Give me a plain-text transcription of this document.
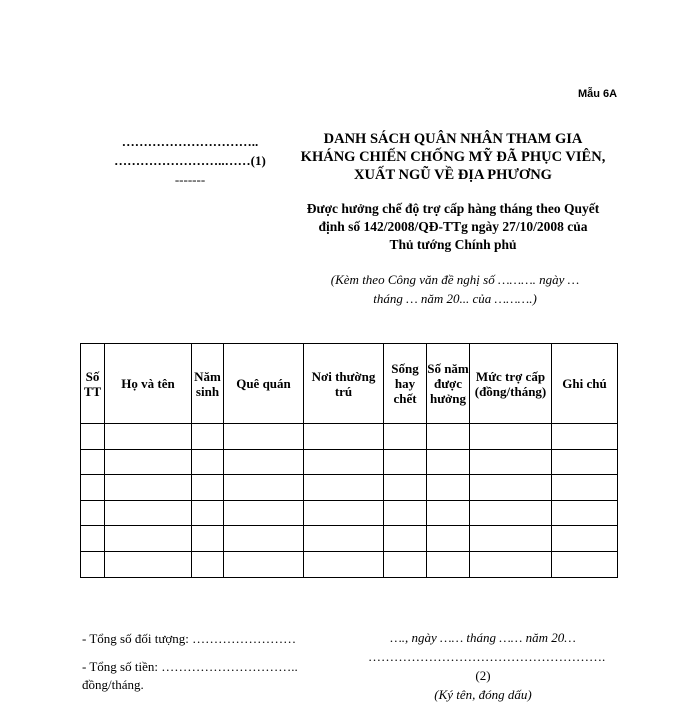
Mẫu 6A
…………………………..
……………………..……(1)
-------
DANH SÁCH QUÂN NHÂN THAM GIA
KHÁNG CHIẾN CHỐNG MỸ ĐÃ PHỤC VIÊN,
XUẤT NGŨ VỀ ĐỊA PHƯƠNG
Được hưởng chế độ trợ cấp hàng tháng theo Quyết
định số 142/2008/QĐ-TTg ngày 27/10/2008 của
Thủ tướng Chính phủ
(Kèm theo Công văn đề nghị số ………. ngày …
tháng … năm 20... của ……….)
Số TT	Họ và tên	Năm sinh	Quê quán	Nơi thường trú	Sống hay chết	Số năm được hưởng	Mức trợ cấp (đồng/tháng)	Ghi chú

- Tổng số đối tượng: ……………………
- Tổng số tiền: …………………………..
đồng/tháng.
…., ngày …… tháng …… năm 20…
……………………………………………….(2)
(Ký tên, đóng dấu)
